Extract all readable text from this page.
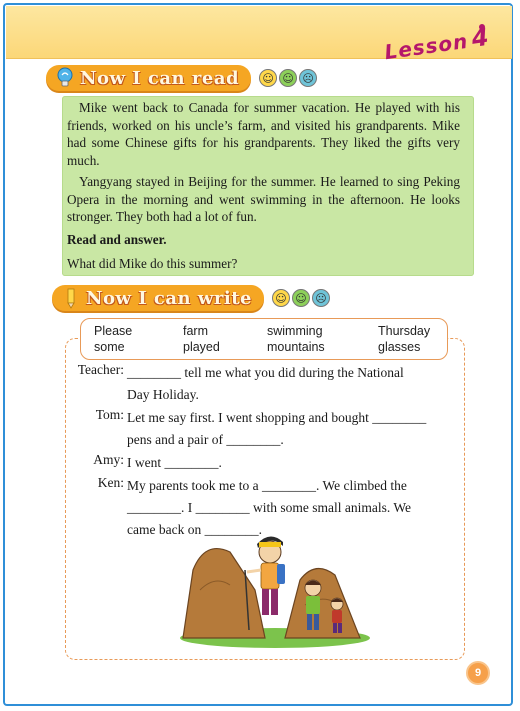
Lesson4
Now I can read ☺ ☺ ☹

Mike went back to Canada for summer vacation. He played with his friends, worked on his uncle’s farm, and visited his grandparents. Mike had some Chinese gifts for his grandparents. They liked the gifts very much.

Yangyang stayed in Beijing for the summer. He learned to sing Peking Opera in the morning and went swimming in the afternoon. He looks stronger. They both had a lot of fun.

Read and answer.
What did Mike do this summer?
Now I can write ☺ ☺ ☹
Please	farm	swimming	Thursday
some	played	mountains	glasses
Teacher: ________ tell me what you did during the National
Day Holiday.
Tom: Let me say first. I went shopping and bought ________
pens and a pair of ________.
Amy: I went ________.
Ken: My parents took me to a ________. We climbed the
________. I ________ with some small animals. We
came back on ________.
9
